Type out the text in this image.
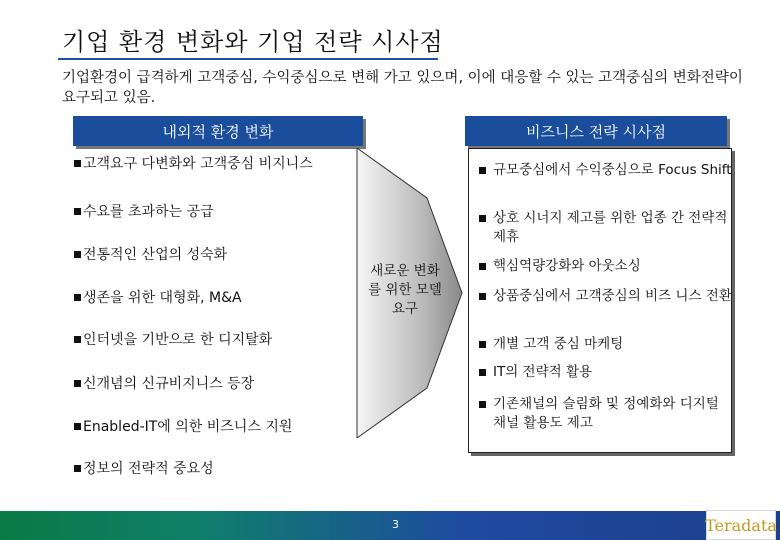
기업 환경 변화와 기업 전략 시사점
기업환경이 급격하게 고객중심, 수익중심으로 변해 가고 있으며, 이에 대응할 수 있는 고객중심의 변화전략이 요구되고 있음.
내외적 환경 변화	비즈니스 전략 시사점
고객요구 다변화와 고객중심 비지니스
수요를 초과하는 공급
전통적인 산업의 성숙화
생존을 위한 대형화, M&A
인터넷을 기반으로 한 디지탈화
신개념의 신규비지니스 등장
Enabled-IT에 의한 비즈니스 지원
정보의 전략적 중요성
새로운 변화를 위한 모델요구
규모중심에서 수익중심으로 Focus Shift
상호 시너지 제고를 위한 업종 간 전략적 제휴
핵심역량강화와 아웃소싱
상품중심에서 고객중심의 비즈 니스 전환
개별 고객 중심 마케팅
IT의 전략적 활용
기존채널의 슬림화 및 정예화와 디지털 채널 활용도 제고
3	Teradata
